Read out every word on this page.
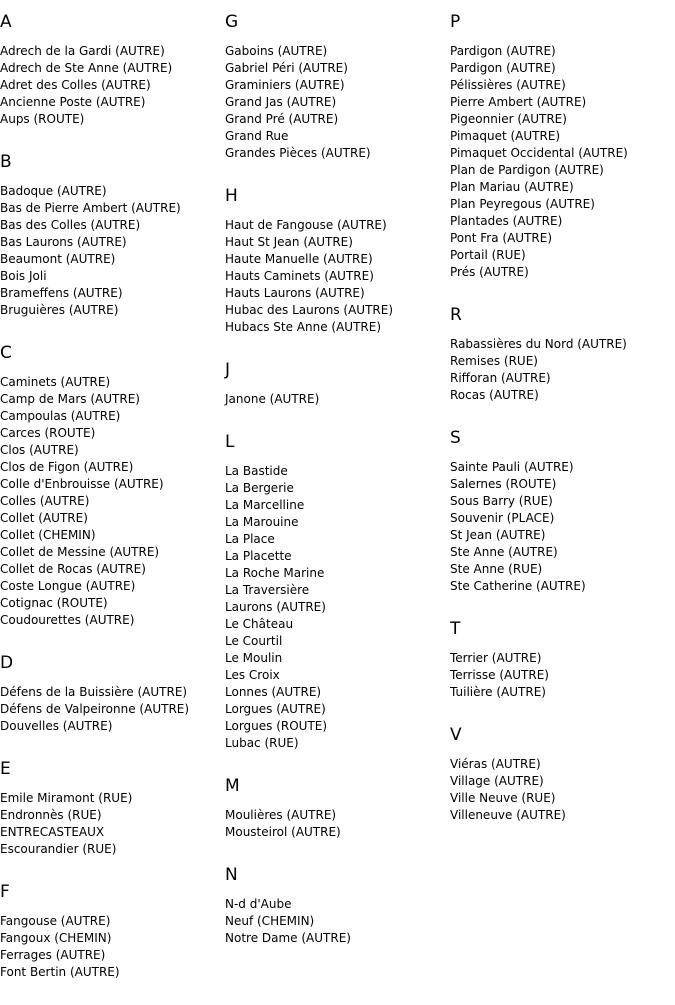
A
Adrech de la Gardi (AUTRE)
Adrech de Ste Anne (AUTRE)
Adret des Colles (AUTRE)
Ancienne Poste (AUTRE)
Aups (ROUTE)
B
Badoque (AUTRE)
Bas de Pierre Ambert (AUTRE)
Bas des Colles (AUTRE)
Bas Laurons (AUTRE)
Beaumont (AUTRE)
Bois Joli
Brameffens (AUTRE)
Bruguières (AUTRE)
C
Caminets (AUTRE)
Camp de Mars (AUTRE)
Campoulas (AUTRE)
Carces (ROUTE)
Clos (AUTRE)
Clos de Figon (AUTRE)
Colle d'Enbrouisse (AUTRE)
Colles (AUTRE)
Collet (AUTRE)
Collet (CHEMIN)
Collet de Messine (AUTRE)
Collet de Rocas (AUTRE)
Coste Longue (AUTRE)
Cotignac (ROUTE)
Coudourettes (AUTRE)
D
Défens de la Buissière (AUTRE)
Défens de Valpeironne (AUTRE)
Douvelles (AUTRE)
E
Emile Miramont (RUE)
Endronnès (RUE)
ENTRECASTEAUX
Escourandier (RUE)
F
Fangouse (AUTRE)
Fangoux (CHEMIN)
Ferrages (AUTRE)
Font Bertin (AUTRE)
G
Gaboins (AUTRE)
Gabriel Péri (AUTRE)
Graminiers (AUTRE)
Grand Jas (AUTRE)
Grand Pré (AUTRE)
Grand Rue
Grandes Pièces (AUTRE)
H
Haut de Fangouse (AUTRE)
Haut St Jean (AUTRE)
Haute Manuelle (AUTRE)
Hauts Caminets (AUTRE)
Hauts Laurons (AUTRE)
Hubac des Laurons (AUTRE)
Hubacs Ste Anne (AUTRE)
J
Janone (AUTRE)
L
La Bastide
La Bergerie
La Marcelline
La Marouine
La Place
La Placette
La Roche Marine
La Traversière
Laurons (AUTRE)
Le Château
Le Courtil
Le Moulin
Les Croix
Lonnes (AUTRE)
Lorgues (AUTRE)
Lorgues (ROUTE)
Lubac (RUE)
M
Moulières (AUTRE)
Mousteirol (AUTRE)
N
N-d d'Aube
Neuf (CHEMIN)
Notre Dame (AUTRE)
P
Pardigon (AUTRE)
Pardigon (AUTRE)
Pélissières (AUTRE)
Pierre Ambert (AUTRE)
Pigeonnier (AUTRE)
Pimaquet (AUTRE)
Pimaquet Occidental (AUTRE)
Plan de Pardigon (AUTRE)
Plan Mariau (AUTRE)
Plan Peyregous (AUTRE)
Plantades (AUTRE)
Pont Fra (AUTRE)
Portail (RUE)
Prés (AUTRE)
R
Rabassières du Nord (AUTRE)
Remises (RUE)
Rifforan (AUTRE)
Rocas (AUTRE)
S
Sainte Pauli (AUTRE)
Salernes (ROUTE)
Sous Barry (RUE)
Souvenir (PLACE)
St Jean (AUTRE)
Ste Anne (AUTRE)
Ste Anne (RUE)
Ste Catherine (AUTRE)
T
Terrier (AUTRE)
Terrisse (AUTRE)
Tuilière (AUTRE)
V
Viéras (AUTRE)
Village (AUTRE)
Ville Neuve (RUE)
Villeneuve (AUTRE)
